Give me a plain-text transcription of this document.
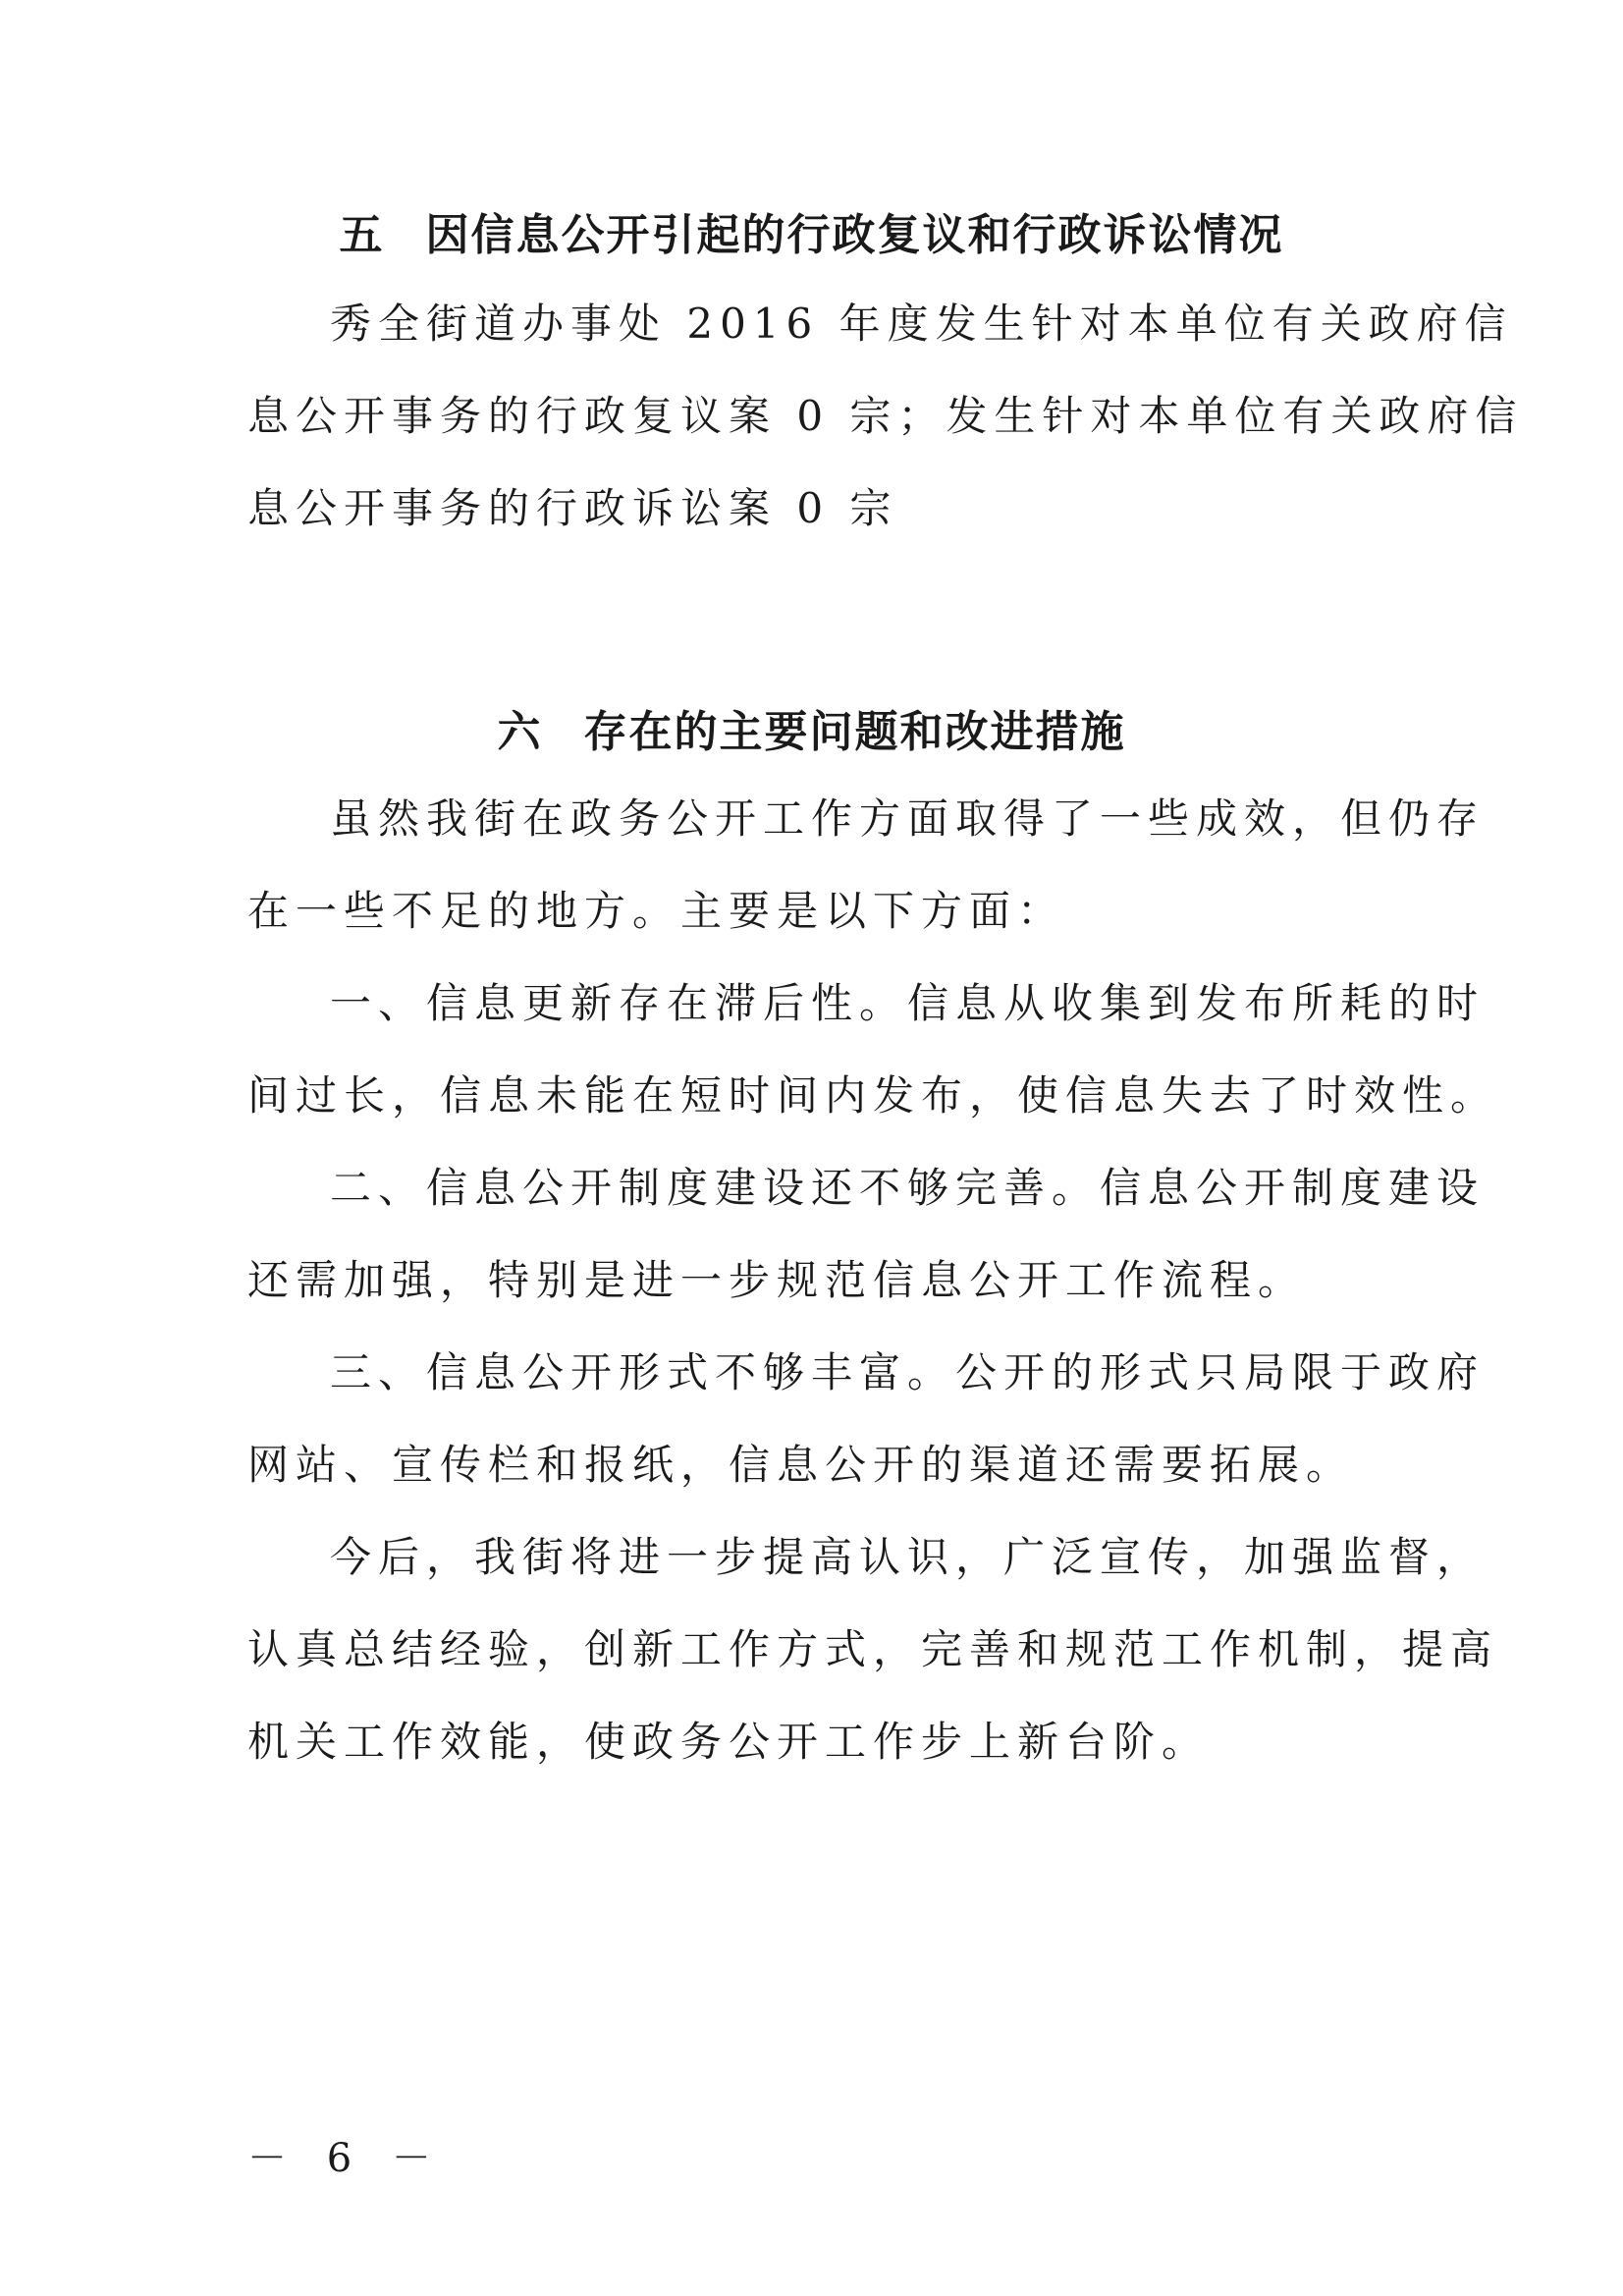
五 因信息公开引起的行政复议和行政诉讼情况
秀全街道办事处 2016 年度发生针对本单位有关政府信
息公开事务的行政复议案 0 宗；发生针对本单位有关政府信
息公开事务的行政诉讼案 0 宗
六 存在的主要问题和改进措施
虽然我街在政务公开工作方面取得了一些成效，但仍存
在一些不足的地方。主要是以下方面：
一、信息更新存在滞后性。信息从收集到发布所耗的时
间过长，信息未能在短时间内发布，使信息失去了时效性。
二、信息公开制度建设还不够完善。信息公开制度建设
还需加强，特别是进一步规范信息公开工作流程。
三、信息公开形式不够丰富。公开的形式只局限于政府
网站、宣传栏和报纸，信息公开的渠道还需要拓展。
今后，我街将进一步提高认识，广泛宣传，加强监督，
认真总结经验，创新工作方式，完善和规范工作机制，提高
机关工作效能，使政务公开工作步上新台阶。
－ 6 －
